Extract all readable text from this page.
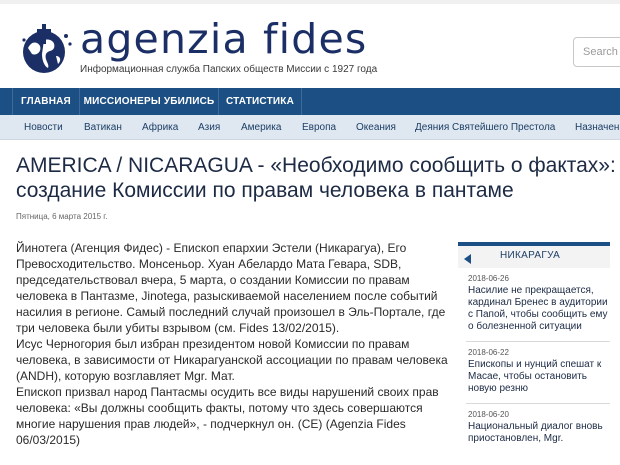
agenzia fides
Информационная служба Папских обществ Миссии с 1927 года
Search
ГЛАВНАЯ	МИССИОНЕРЫ УБИЛИСЬ	СТАТИСТИКА
Новости Ватикан Африка Азия Америка Европа Океания Деяния Святейшего Престола Назначен
AMERICA / NICARAGUA - «Необходимо сообщить о фактах»: создание Комиссии по правам человека в пантаме
Пятница, 6 марта 2015 г.

Йинотега (Агенция Фидес) - Епископ епархии Эстели (Никарагуа), Его Превосходительство. Монсеньор. Хуан Абелардо Мата Гевара, SDB, председательствовал вчера, 5 марта, о создании Комиссии по правам человека в Пантазме, Jinotega, разыскиваемой населением после событий насилия в регионе. Самый последний случай произошел в Эль-Портале, где три человека были убиты взрывом (см. Fides 13/02/2015).

Исус Черногория был избран президентом новой Комиссии по правам человека, в зависимости от Никарагуанской ассоциации по правам человека (ANDH), которую возглавляет Mgr. Мат.

Епископ призвал народ Пантасмы осудить все виды нарушений своих прав человека: «Вы должны сообщить факты, потому что здесь совершаются многие нарушения прав людей», - подчеркнул он. (CE) (Agenzia Fides 06/03/2015)

НИКАРАГУА
2018-06-26
Насилие не прекращается, кардинал Бренес в аудитории с Папой, чтобы сообщить ему о болезненной ситуации
2018-06-22
Епископы и нунций спешат к Масае, чтобы остановить новую резню
2018-06-20
Национальный диалог вновь приостановлен, Mgr.
